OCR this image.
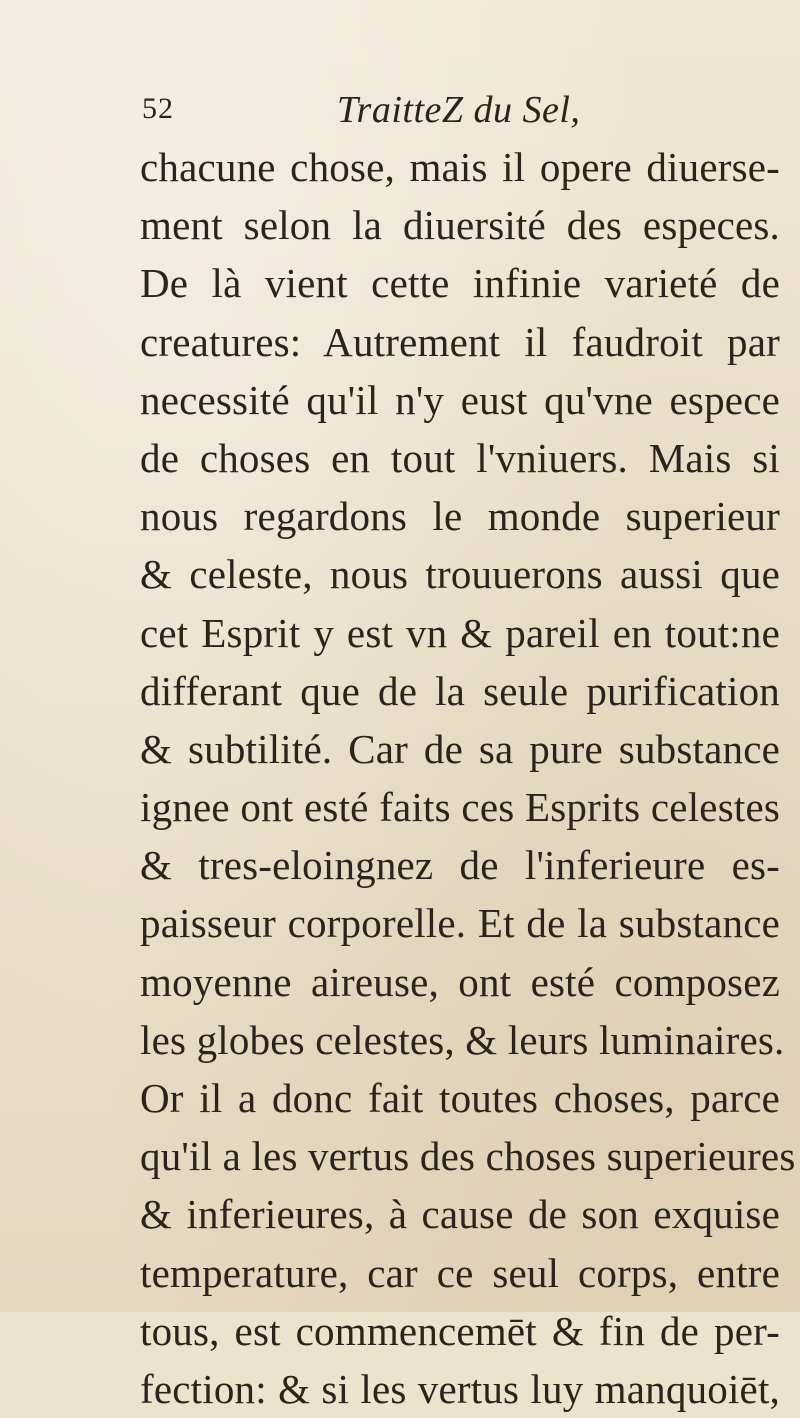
52	TraitteZ du Sel,
chacune chose, mais il opere diuerse-
ment selon la diuersité des especes.
De là vient cette infinie varieté de
creatures: Autrement il faudroit par
necessité qu'il n'y eust qu'vne espece
de choses en tout l'vniuers. Mais si
nous regardons le monde superieur
& celeste, nous trouuerons aussi que
cet Esprit y est vn & pareil en tout:ne
differant que de la seule purification
& subtilité. Car de sa pure substance
ignee ont esté faits ces Esprits celestes
& tres-eloingnez de l'inferieure es-
paisseur corporelle. Et de la substance
moyenne aireuse, ont esté composez
les globes celestes, & leurs luminaires.
Or il a donc fait toutes choses, parce
qu'il a les vertus des choses superieures
& inferieures, à cause de son exquise
temperature, car ce seul corps, entre
tous, est commencemēt & fin de per-
fection: & si les vertus luy manquoiēt,
